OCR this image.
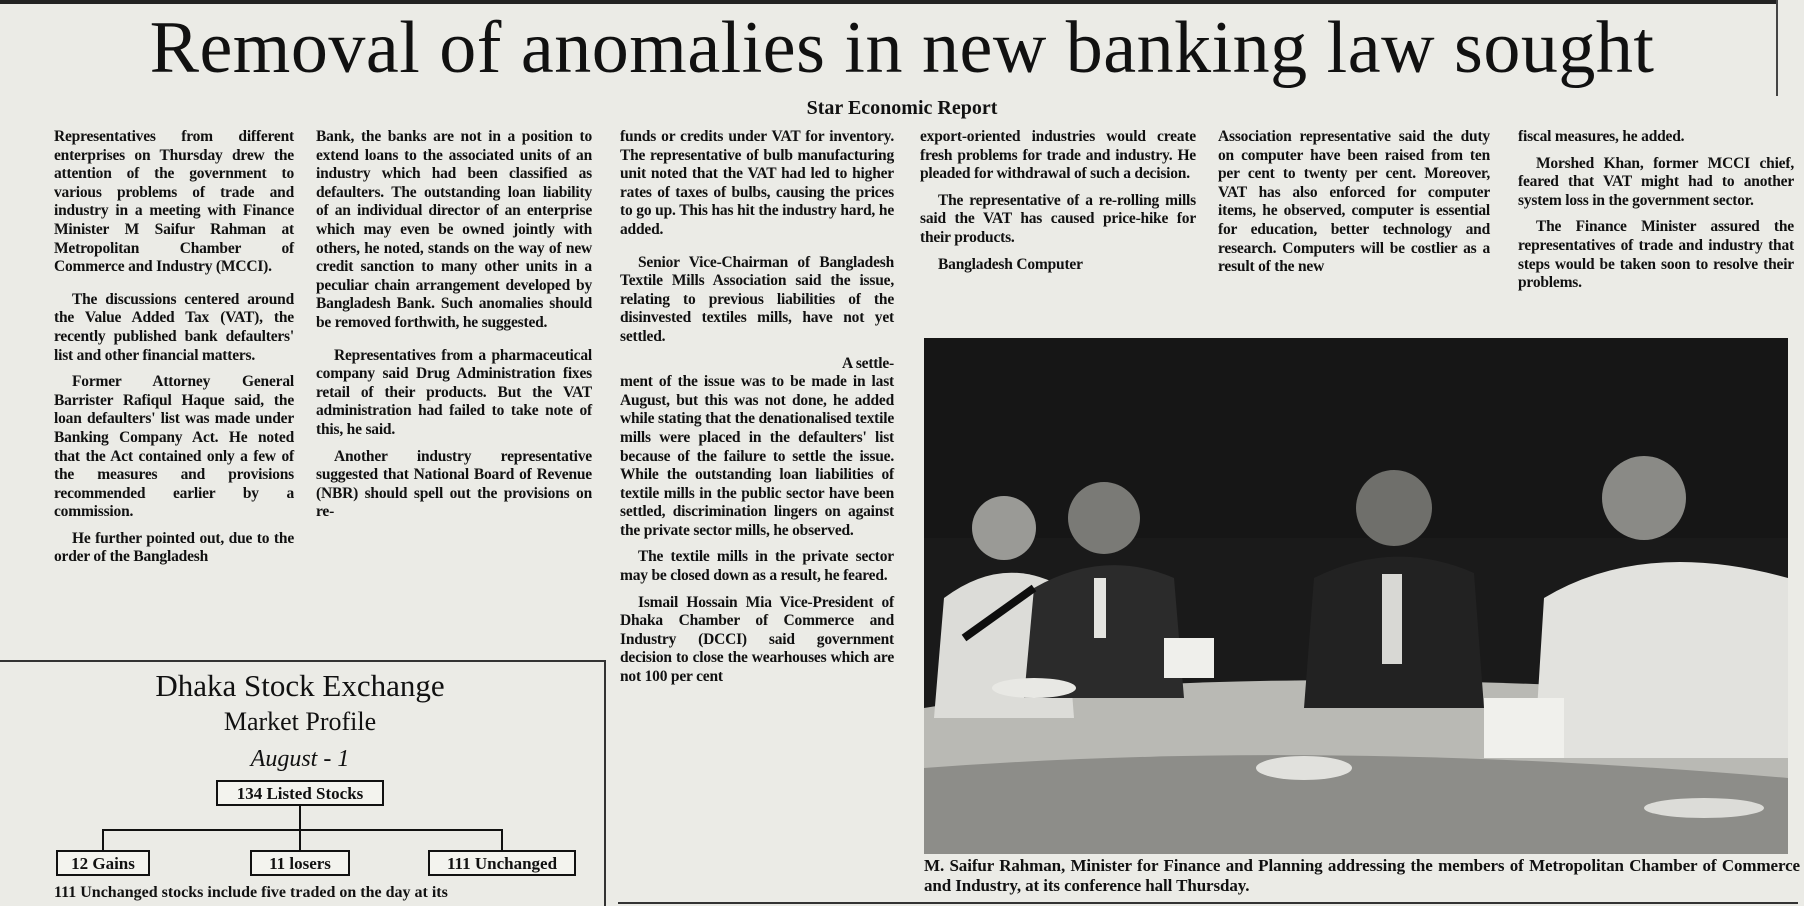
Removal of anomalies in new banking law sought
Star Economic Report

Representatives from different enterprises on Thursday drew the attention of the government to various problems of trade and industry in a meeting with Finance Minister M Saifur Rahman at Metropolitan Chamber of Commerce and Industry (MCCI).

The discussions centered around the Value Added Tax (VAT), the recently published bank defaulters' list and other financial matters.

Former Attorney General Barrister Rafiqul Haque said, the loan defaulters' list was made under Banking Company Act. He noted that the Act contained only a few of the measures and provisions recommended earlier by a commission.

He further pointed out, due to the order of the Bangladesh

Bank, the banks are not in a position to extend loans to the associated units of an industry which had been classified as defaulters. The outstanding loan liability of an individual director of an enterprise which may even be owned jointly with others, he noted, stands on the way of new credit sanction to many other units in a peculiar chain arrangement developed by Bangladesh Bank. Such anomalies should be removed forthwith, he suggested.

Representatives from a pharmaceutical company said Drug Administration fixes retail of their products. But the VAT administration had failed to take note of this, he said.

Another industry representative suggested that National Board of Revenue (NBR) should spell out the provisions on re-

funds or credits under VAT for inventory. The representative of bulb manufacturing unit noted that the VAT had led to higher rates of taxes of bulbs, causing the prices to go up. This has hit the industry hard, he added.

Senior Vice-Chairman of Bangladesh Textile Mills Association said the issue, relating to previous liabilities of the disinvested textiles mills, have not yet settled.

A settle-

ment of the issue was to be made in last August, but this was not done, he added while stating that the denationalised textile mills were placed in the defaulters' list because of the failure to settle the issue. While the outstanding loan liabilities of textile mills in the public sector have been settled, discrimination lingers on against the private sector mills, he observed.

The textile mills in the private sector may be closed down as a result, he feared.

Ismail Hossain Mia Vice-President of Dhaka Chamber of Commerce and Industry (DCCI) said government decision to close the wearhouses which are not 100 per cent

export-oriented industries would create fresh problems for trade and industry. He pleaded for withdrawal of such a decision.

The representative of a re-rolling mills said the VAT has caused price-hike for their products.

Bangladesh Computer

Association representative said the duty on computer have been raised from ten per cent to twenty per cent. Moreover, VAT has also enforced for computer items, he observed, computer is essential for education, better technology and research. Computers will be costlier as a result of the new

fiscal measures, he added.

Morshed Khan, former MCCI chief, feared that VAT might had to another system loss in the government sector.

The Finance Minister assured the representatives of trade and industry that steps would be taken soon to resolve their problems.

Dhaka Stock Exchange
Market Profile
August - 1
134 Listed Stocks
12 Gains	11 losers	111 Unchanged
111 Unchanged stocks include five traded on the day at its
M. Saifur Rahman, Minister for Finance and Planning addressing the members of Metropolitan Chamber of Commerce and Industry, at its conference hall Thursday.
